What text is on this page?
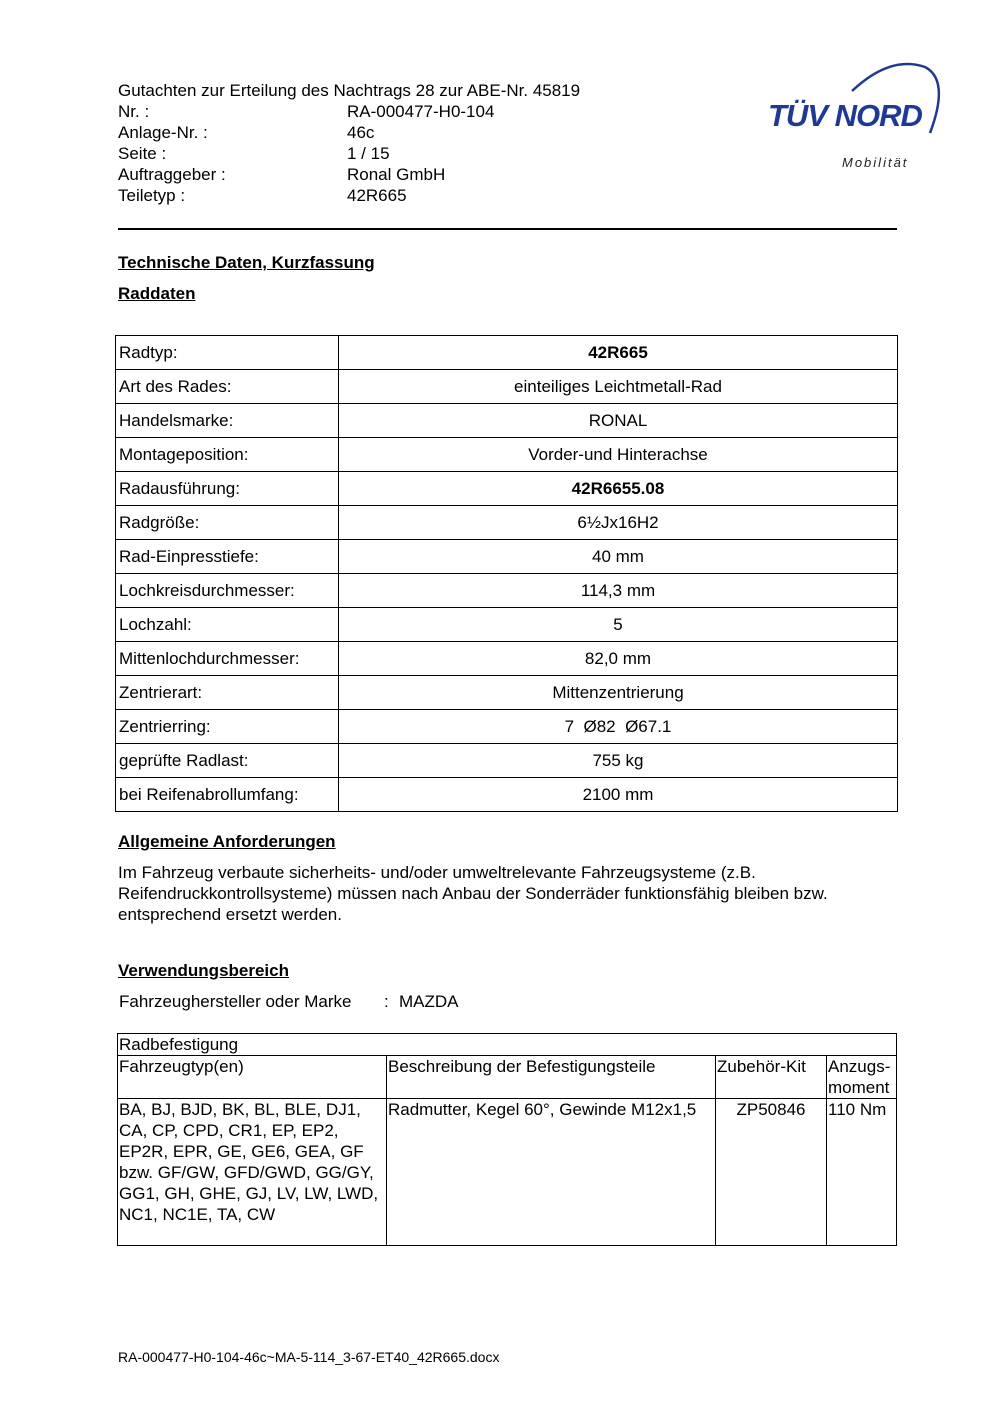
Gutachten zur Erteilung des Nachtrags 28 zur ABE-Nr. 45819
Nr. :	RA-000477-H0-104
Anlage-Nr. :	46c
Seite :	1 / 15
Auftraggeber :	Ronal GmbH
Teiletyp :	42R665
TÜV NORD
Mobilität
Technische Daten, Kurzfassung
Raddaten
Radtyp:	42R665
Art des Rades:	einteiliges Leichtmetall-Rad
Handelsmarke:	RONAL
Montageposition:	Vorder-und Hinterachse
Radausführung:	42R6655.08
Radgröße:	6½Jx16H2
Rad-Einpresstiefe:	40 mm
Lochkreisdurchmesser:	114,3 mm
Lochzahl:	5
Mittenlochdurchmesser:	82,0 mm
Zentrierart:	Mittenzentrierung
Zentrierring:	7  Ø82  Ø67.1
geprüfte Radlast:	755 kg
bei Reifenabrollumfang:	2100 mm
Allgemeine Anforderungen
Im Fahrzeug verbaute sicherheits- und/oder umweltrelevante Fahrzeugsysteme (z.B. Reifendruckkontrollsysteme) müssen nach Anbau der Sonderräder funktionsfähig bleiben bzw. entsprechend ersetzt werden.
Verwendungsbereich
Fahrzeughersteller oder Marke : MAZDA
Radbefestigung			
Fahrzeugtyp(en)	Beschreibung der Befestigungsteile	Zubehör-Kit	Anzugs-
moment
BA, BJ, BJD, BK, BL, BLE, DJ1, CA, CP, CPD, CR1, EP, EP2, EP2R, EPR, GE, GE6, GEA, GF bzw. GF/GW, GFD/GWD, GG/GY, GG1, GH, GHE, GJ, LV, LW, LWD, NC1, NC1E, TA, CW	Radmutter, Kegel 60°, Gewinde M12x1,5	ZP50846	110 Nm
RA-000477-H0-104-46c~MA-5-114_3-67-ET40_42R665.docx
